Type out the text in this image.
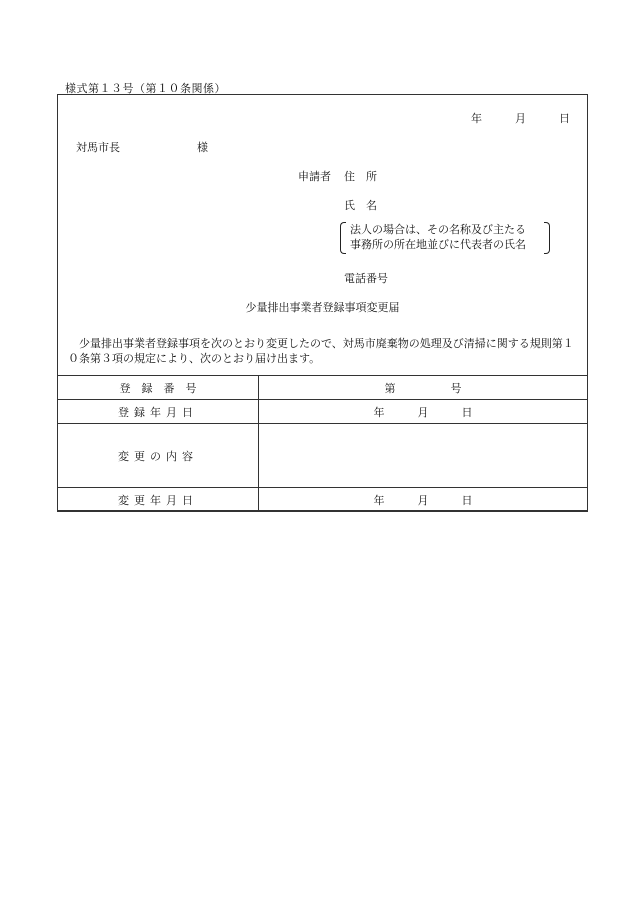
様式第１３号（第１０条関係）
年	月	日
対馬市長	様
申請者 住　所
氏　名
法人の場合は、その名称及び主たる
事務所の所在地並びに代表者の氏名
電話番号
少量排出事業者登録事項変更届
少量排出事業者登録事項を次のとおり変更したので、対馬市廃棄物の処理及び清掃に関する規則第１０条第３項の規定により、次のとおり届け出ます。
登　録　番　号	第　　　　　号
登録年月日	年　　　月　　　日
変更の内容	
変更年月日	年　　　月　　　日
